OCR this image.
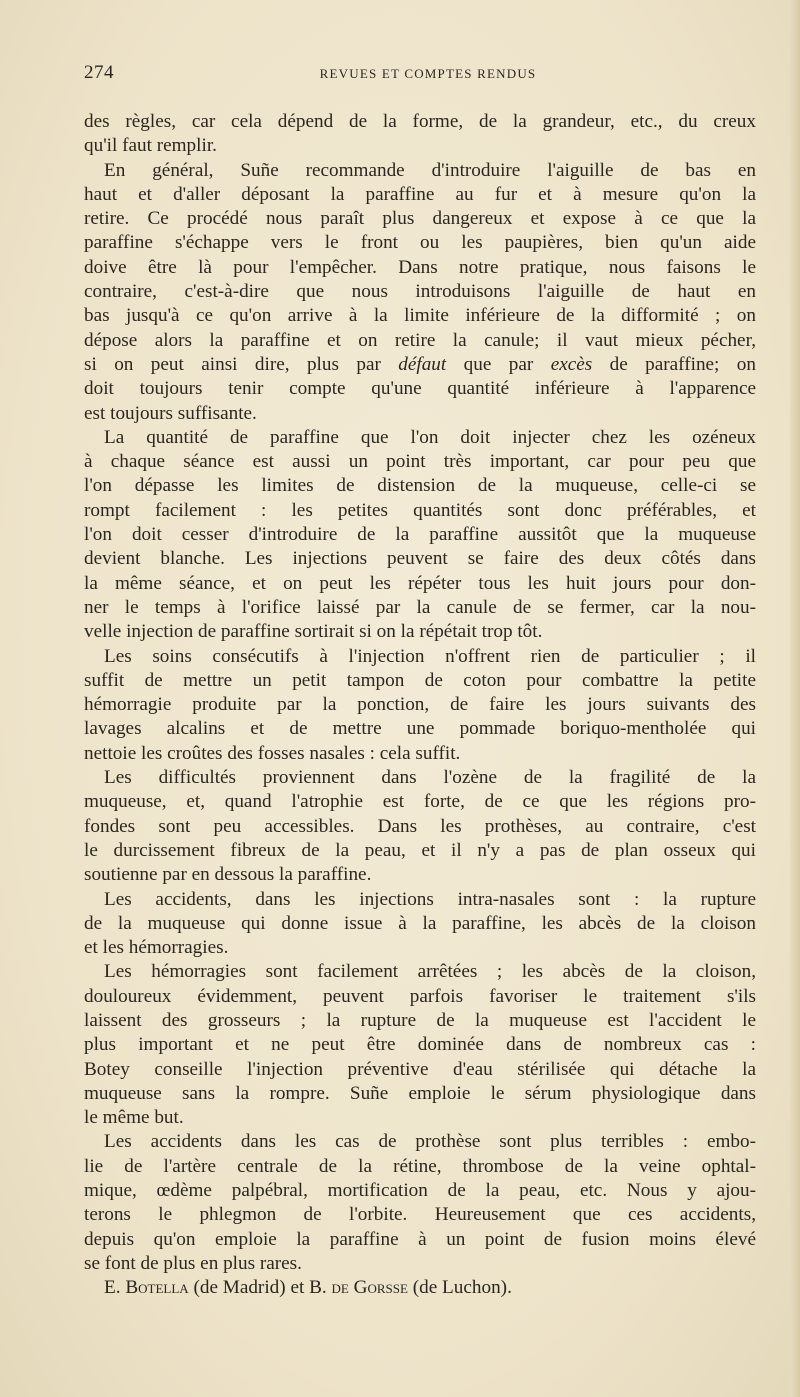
274	REVUES ET COMPTES RENDUS
des règles, car cela dépend de la forme, de la grandeur, etc., du creux
qu'il faut remplir.
En général, Suñe recommande d'introduire l'aiguille de bas en
haut et d'aller déposant la paraffine au fur et à mesure qu'on la
retire. Ce procédé nous paraît plus dangereux et expose à ce que la
paraffine s'échappe vers le front ou les paupières, bien qu'un aide
doive être là pour l'empêcher. Dans notre pratique, nous faisons le
contraire, c'est-à-dire que nous introduisons l'aiguille de haut en
bas jusqu'à ce qu'on arrive à la limite inférieure de la difformité ; on
dépose alors la paraffine et on retire la canule; il vaut mieux pécher,
si on peut ainsi dire, plus par défaut que par excès de paraffine; on
doit toujours tenir compte qu'une quantité inférieure à l'apparence
est toujours suffisante.
La quantité de paraffine que l'on doit injecter chez les ozéneux
à chaque séance est aussi un point très important, car pour peu que
l'on dépasse les limites de distension de la muqueuse, celle-ci se
rompt facilement : les petites quantités sont donc préférables, et
l'on doit cesser d'introduire de la paraffine aussitôt que la muqueuse
devient blanche. Les injections peuvent se faire des deux côtés dans
la même séance, et on peut les répéter tous les huit jours pour don-
ner le temps à l'orifice laissé par la canule de se fermer, car la nou-
velle injection de paraffine sortirait si on la répétait trop tôt.
Les soins consécutifs à l'injection n'offrent rien de particulier ; il
suffit de mettre un petit tampon de coton pour combattre la petite
hémorragie produite par la ponction, de faire les jours suivants des
lavages alcalins et de mettre une pommade boriquo-mentholée qui
nettoie les croûtes des fosses nasales : cela suffit.
Les difficultés proviennent dans l'ozène de la fragilité de la
muqueuse, et, quand l'atrophie est forte, de ce que les régions pro-
fondes sont peu accessibles. Dans les prothèses, au contraire, c'est
le durcissement fibreux de la peau, et il n'y a pas de plan osseux qui
soutienne par en dessous la paraffine.
Les accidents, dans les injections intra-nasales sont : la rupture
de la muqueuse qui donne issue à la paraffine, les abcès de la cloison
et les hémorragies.
Les hémorragies sont facilement arrêtées ; les abcès de la cloison,
douloureux évidemment, peuvent parfois favoriser le traitement s'ils
laissent des grosseurs ; la rupture de la muqueuse est l'accident le
plus important et ne peut être dominée dans de nombreux cas :
Botey conseille l'injection préventive d'eau stérilisée qui détache la
muqueuse sans la rompre. Suñe emploie le sérum physiologique dans
le même but.
Les accidents dans les cas de prothèse sont plus terribles : embo-
lie de l'artère centrale de la rétine, thrombose de la veine ophtal-
mique, œdème palpébral, mortification de la peau, etc. Nous y ajou-
terons le phlegmon de l'orbite. Heureusement que ces accidents,
depuis qu'on emploie la paraffine à un point de fusion moins élevé
se font de plus en plus rares.
E. Botella (de Madrid) et B. de Gorsse (de Luchon).
